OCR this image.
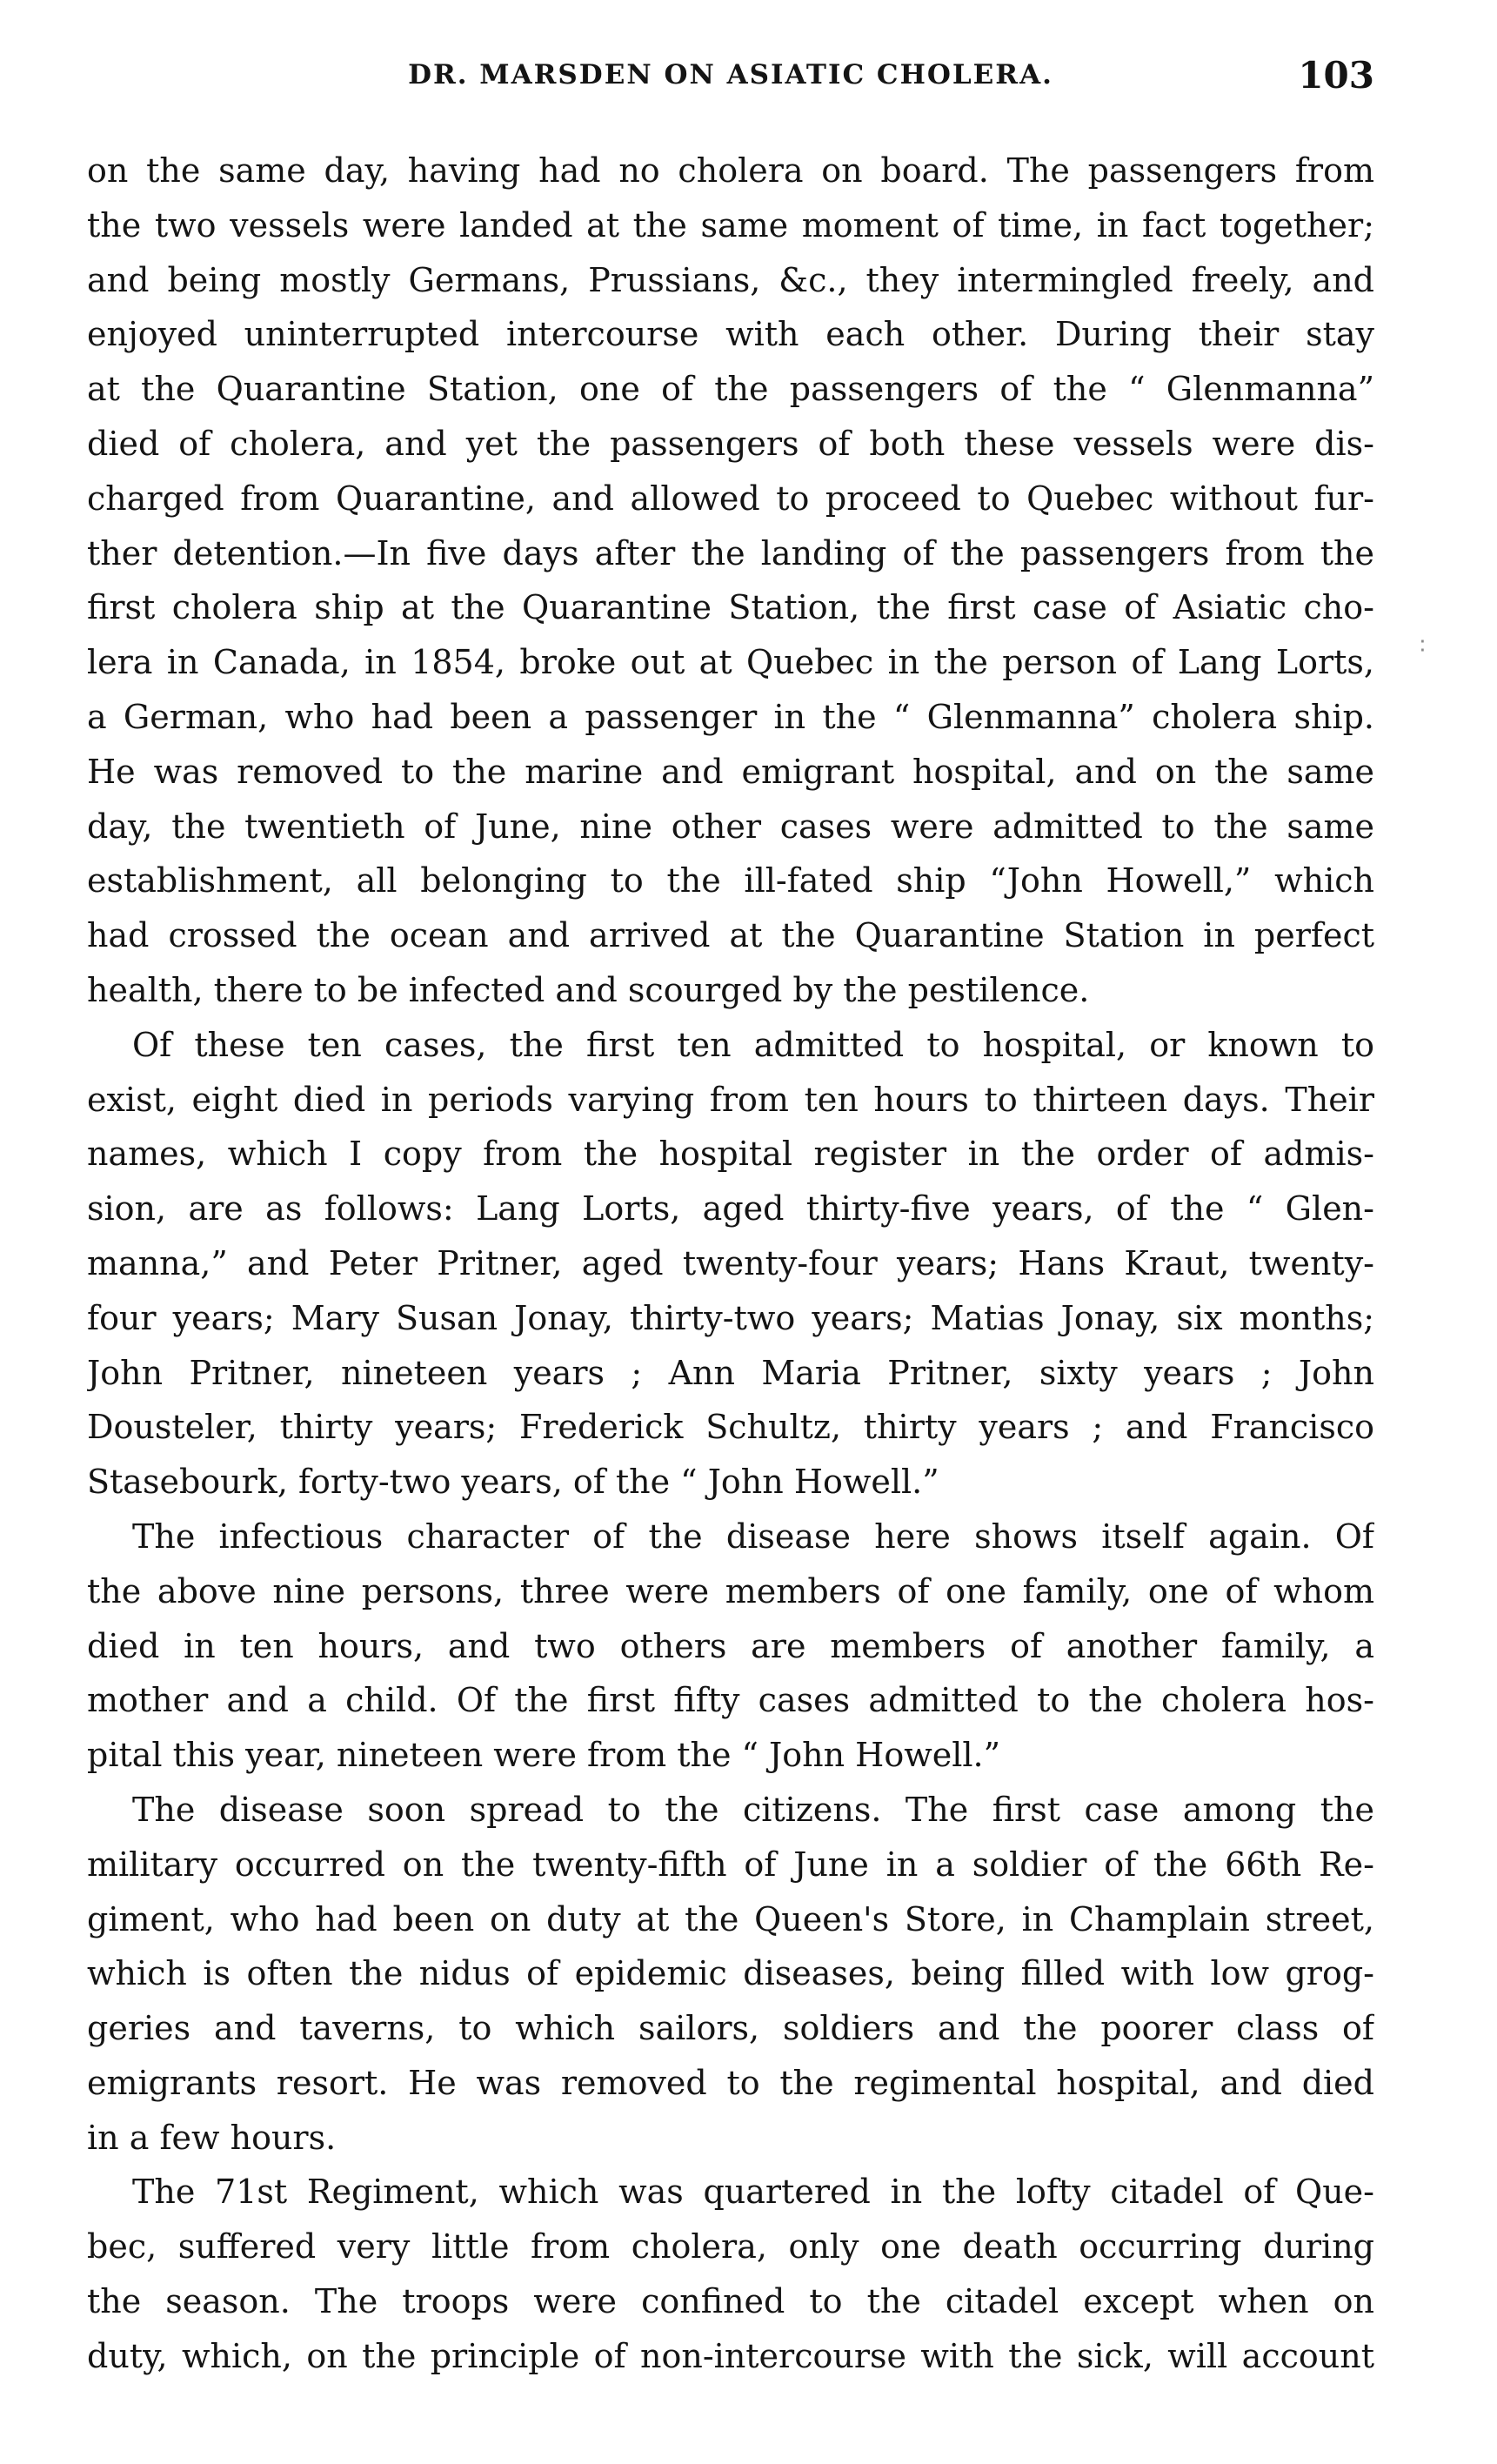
DR. MARSDEN ON ASIATIC CHOLERA.	103
on the same day, having had no cholera on board. The passengers from
the two vessels were landed at the same moment of time, in fact together;
and being mostly Germans, Prussians, &c., they intermingled freely, and
enjoyed uninterrupted intercourse with each other. During their stay
at the Quarantine Station, one of the passengers of the “ Glenmanna”
died of cholera, and yet the passengers of both these vessels were dis-
charged from Quarantine, and allowed to proceed to Quebec without fur-
ther detention.—In five days after the landing of the passengers from the
first cholera ship at the Quarantine Station, the first case of Asiatic cho-
lera in Canada, in 1854, broke out at Quebec in the person of Lang Lorts,
a German, who had been a passenger in the “ Glenmanna” cholera ship.
He was removed to the marine and emigrant hospital, and on the same
day, the twentieth of June, nine other cases were admitted to the same
establishment, all belonging to the ill-fated ship “John Howell,” which
had crossed the ocean and arrived at the Quarantine Station in perfect
health, there to be infected and scourged by the pestilence.
Of these ten cases, the first ten admitted to hospital, or known to
exist, eight died in periods varying from ten hours to thirteen days. Their
names, which I copy from the hospital register in the order of admis-
sion, are as follows: Lang Lorts, aged thirty-five years, of the “ Glen-
manna,” and Peter Pritner, aged twenty-four years; Hans Kraut, twenty-
four years; Mary Susan Jonay, thirty-two years; Matias Jonay, six months;
John Pritner, nineteen years ; Ann Maria Pritner, sixty years ; John
Dousteler, thirty years; Frederick Schultz, thirty years ; and Francisco
Stasebourk, forty-two years, of the “ John Howell.”
The infectious character of the disease here shows itself again. Of
the above nine persons, three were members of one family, one of whom
died in ten hours, and two others are members of another family, a
mother and a child. Of the first fifty cases admitted to the cholera hos-
pital this year, nineteen were from the “ John Howell.”
The disease soon spread to the citizens. The first case among the
military occurred on the twenty-fifth of June in a soldier of the 66th Re-
giment, who had been on duty at the Queen's Store, in Champlain street,
which is often the nidus of epidemic diseases, being filled with low grog-
geries and taverns, to which sailors, soldiers and the poorer class of
emigrants resort. He was removed to the regimental hospital, and died
in a few hours.
The 71st Regiment, which was quartered in the lofty citadel of Que-
bec, suffered very little from cholera, only one death occurring during
the season. The troops were confined to the citadel except when on
duty, which, on the principle of non-intercourse with the sick, will account
∶
